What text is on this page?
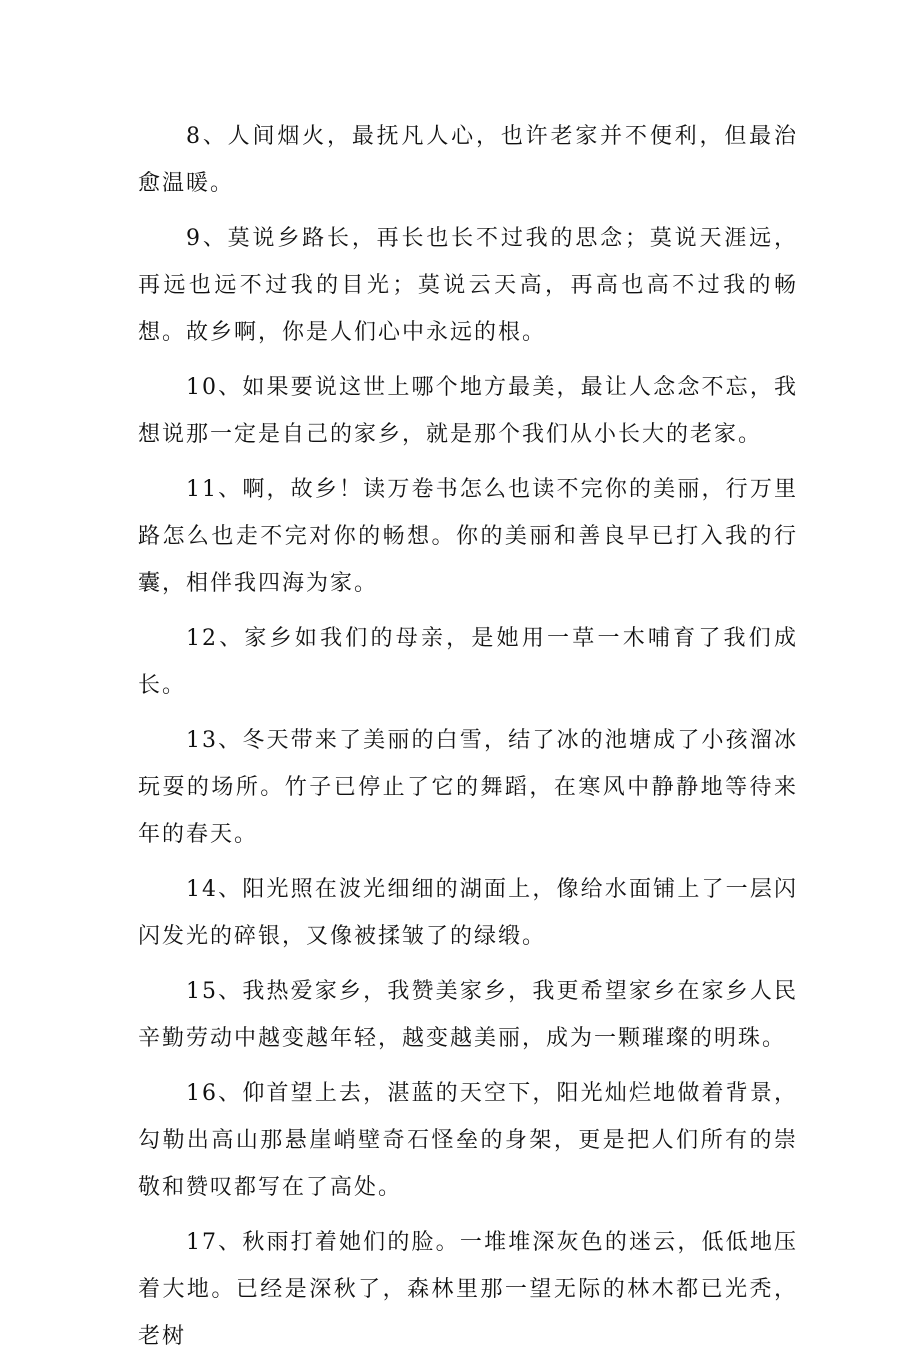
8、人间烟火，最抚凡人心，也许老家并不便利，但最治愈温暖。

9、莫说乡路长，再长也长不过我的思念；莫说天涯远，再远也远不过我的目光；莫说云天高，再高也高不过我的畅想。故乡啊，你是人们心中永远的根。

10、如果要说这世上哪个地方最美，最让人念念不忘，我想说那一定是自己的家乡，就是那个我们从小长大的老家。

11、啊，故乡！读万卷书怎么也读不完你的美丽，行万里路怎么也走不完对你的畅想。你的美丽和善良早已打入我的行囊，相伴我四海为家。

12、家乡如我们的母亲，是她用一草一木哺育了我们成长。

13、冬天带来了美丽的白雪，结了冰的池塘成了小孩溜冰玩耍的场所。竹子已停止了它的舞蹈，在寒风中静静地等待来年的春天。

14、阳光照在波光细细的湖面上，像给水面铺上了一层闪闪发光的碎银，又像被揉皱了的绿缎。

15、我热爱家乡，我赞美家乡，我更希望家乡在家乡人民辛勤劳动中越变越年轻，越变越美丽，成为一颗璀璨的明珠。

16、仰首望上去，湛蓝的天空下，阳光灿烂地做着背景，勾勒出高山那悬崖峭壁奇石怪垒的身架，更是把人们所有的崇敬和赞叹都写在了高处。

17、秋雨打着她们的脸。一堆堆深灰色的迷云，低低地压着大地。已经是深秋了，森林里那一望无际的林木都已光秃，老树
